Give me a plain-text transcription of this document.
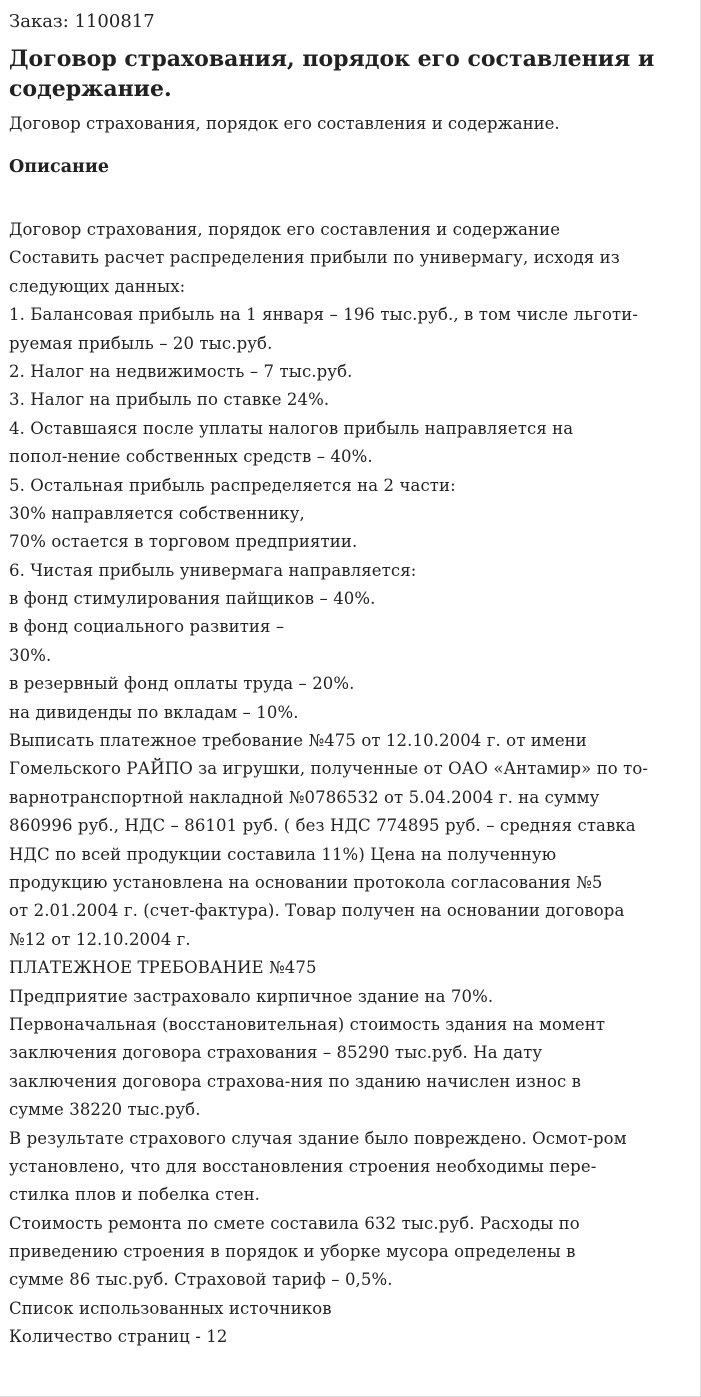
Заказ: 1100817
Договор страхования, порядок его составления и содержание.
Договор страхования, порядок его составления и содержание.
Описание
Договор страхования, порядок его составления и содержание
Составить расчет распределения прибыли по универмагу, исходя из
следующих данных:
1. Балансовая прибыль на 1 января – 196 тыс.руб., в том числе льготи-
руемая прибыль – 20 тыс.руб.
2. Налог на недвижимость – 7 тыс.руб.
3. Налог на прибыль по ставке 24%.
4. Оставшаяся после уплаты налогов прибыль направляется на
попол-нение собственных средств – 40%.
5. Остальная прибыль распределяется на 2 части:
30% направляется собственнику,
70% остается в торговом предприятии.
6. Чистая прибыль универмага направляется:
в фонд стимулирования пайщиков – 40%.
в фонд социального развития –
30%.
в резервный фонд оплаты труда – 20%.
на дивиденды по вкладам – 10%.
Выписать платежное требование №475 от 12.10.2004 г. от имени
Гомельского РАЙПО за игрушки, полученные от ОАО «Антамир» по то-
варнотранспортной накладной №0786532 от 5.04.2004 г. на сумму
860996 руб., НДС – 86101 руб. ( без НДС 774895 руб. – средняя ставка
НДС по всей продукции составила 11%) Цена на полученную
продукцию установлена на основании протокола согласования №5
от 2.01.2004 г. (счет-фактура). Товар получен на основании договора
№12 от 12.10.2004 г.
ПЛАТЕЖНОЕ ТРЕБОВАНИЕ №475
Предприятие застраховало кирпичное здание на 70%.
Первоначальная (восстановительная) стоимость здания на момент
заключения договора страхования – 85290 тыс.руб. На дату
заключения договора страхова-ния по зданию начислен износ в
сумме 38220 тыс.руб.
В результате страхового случая здание было повреждено. Осмот-ром
установлено, что для восстановления строения необходимы пере-
стилка плов и побелка стен.
Стоимость ремонта по смете составила 632 тыс.руб. Расходы по
приведению строения в порядок и уборке мусора определены в
сумме 86 тыс.руб. Страховой тариф – 0,5%.
Список использованных источников
Количество страниц - 12
